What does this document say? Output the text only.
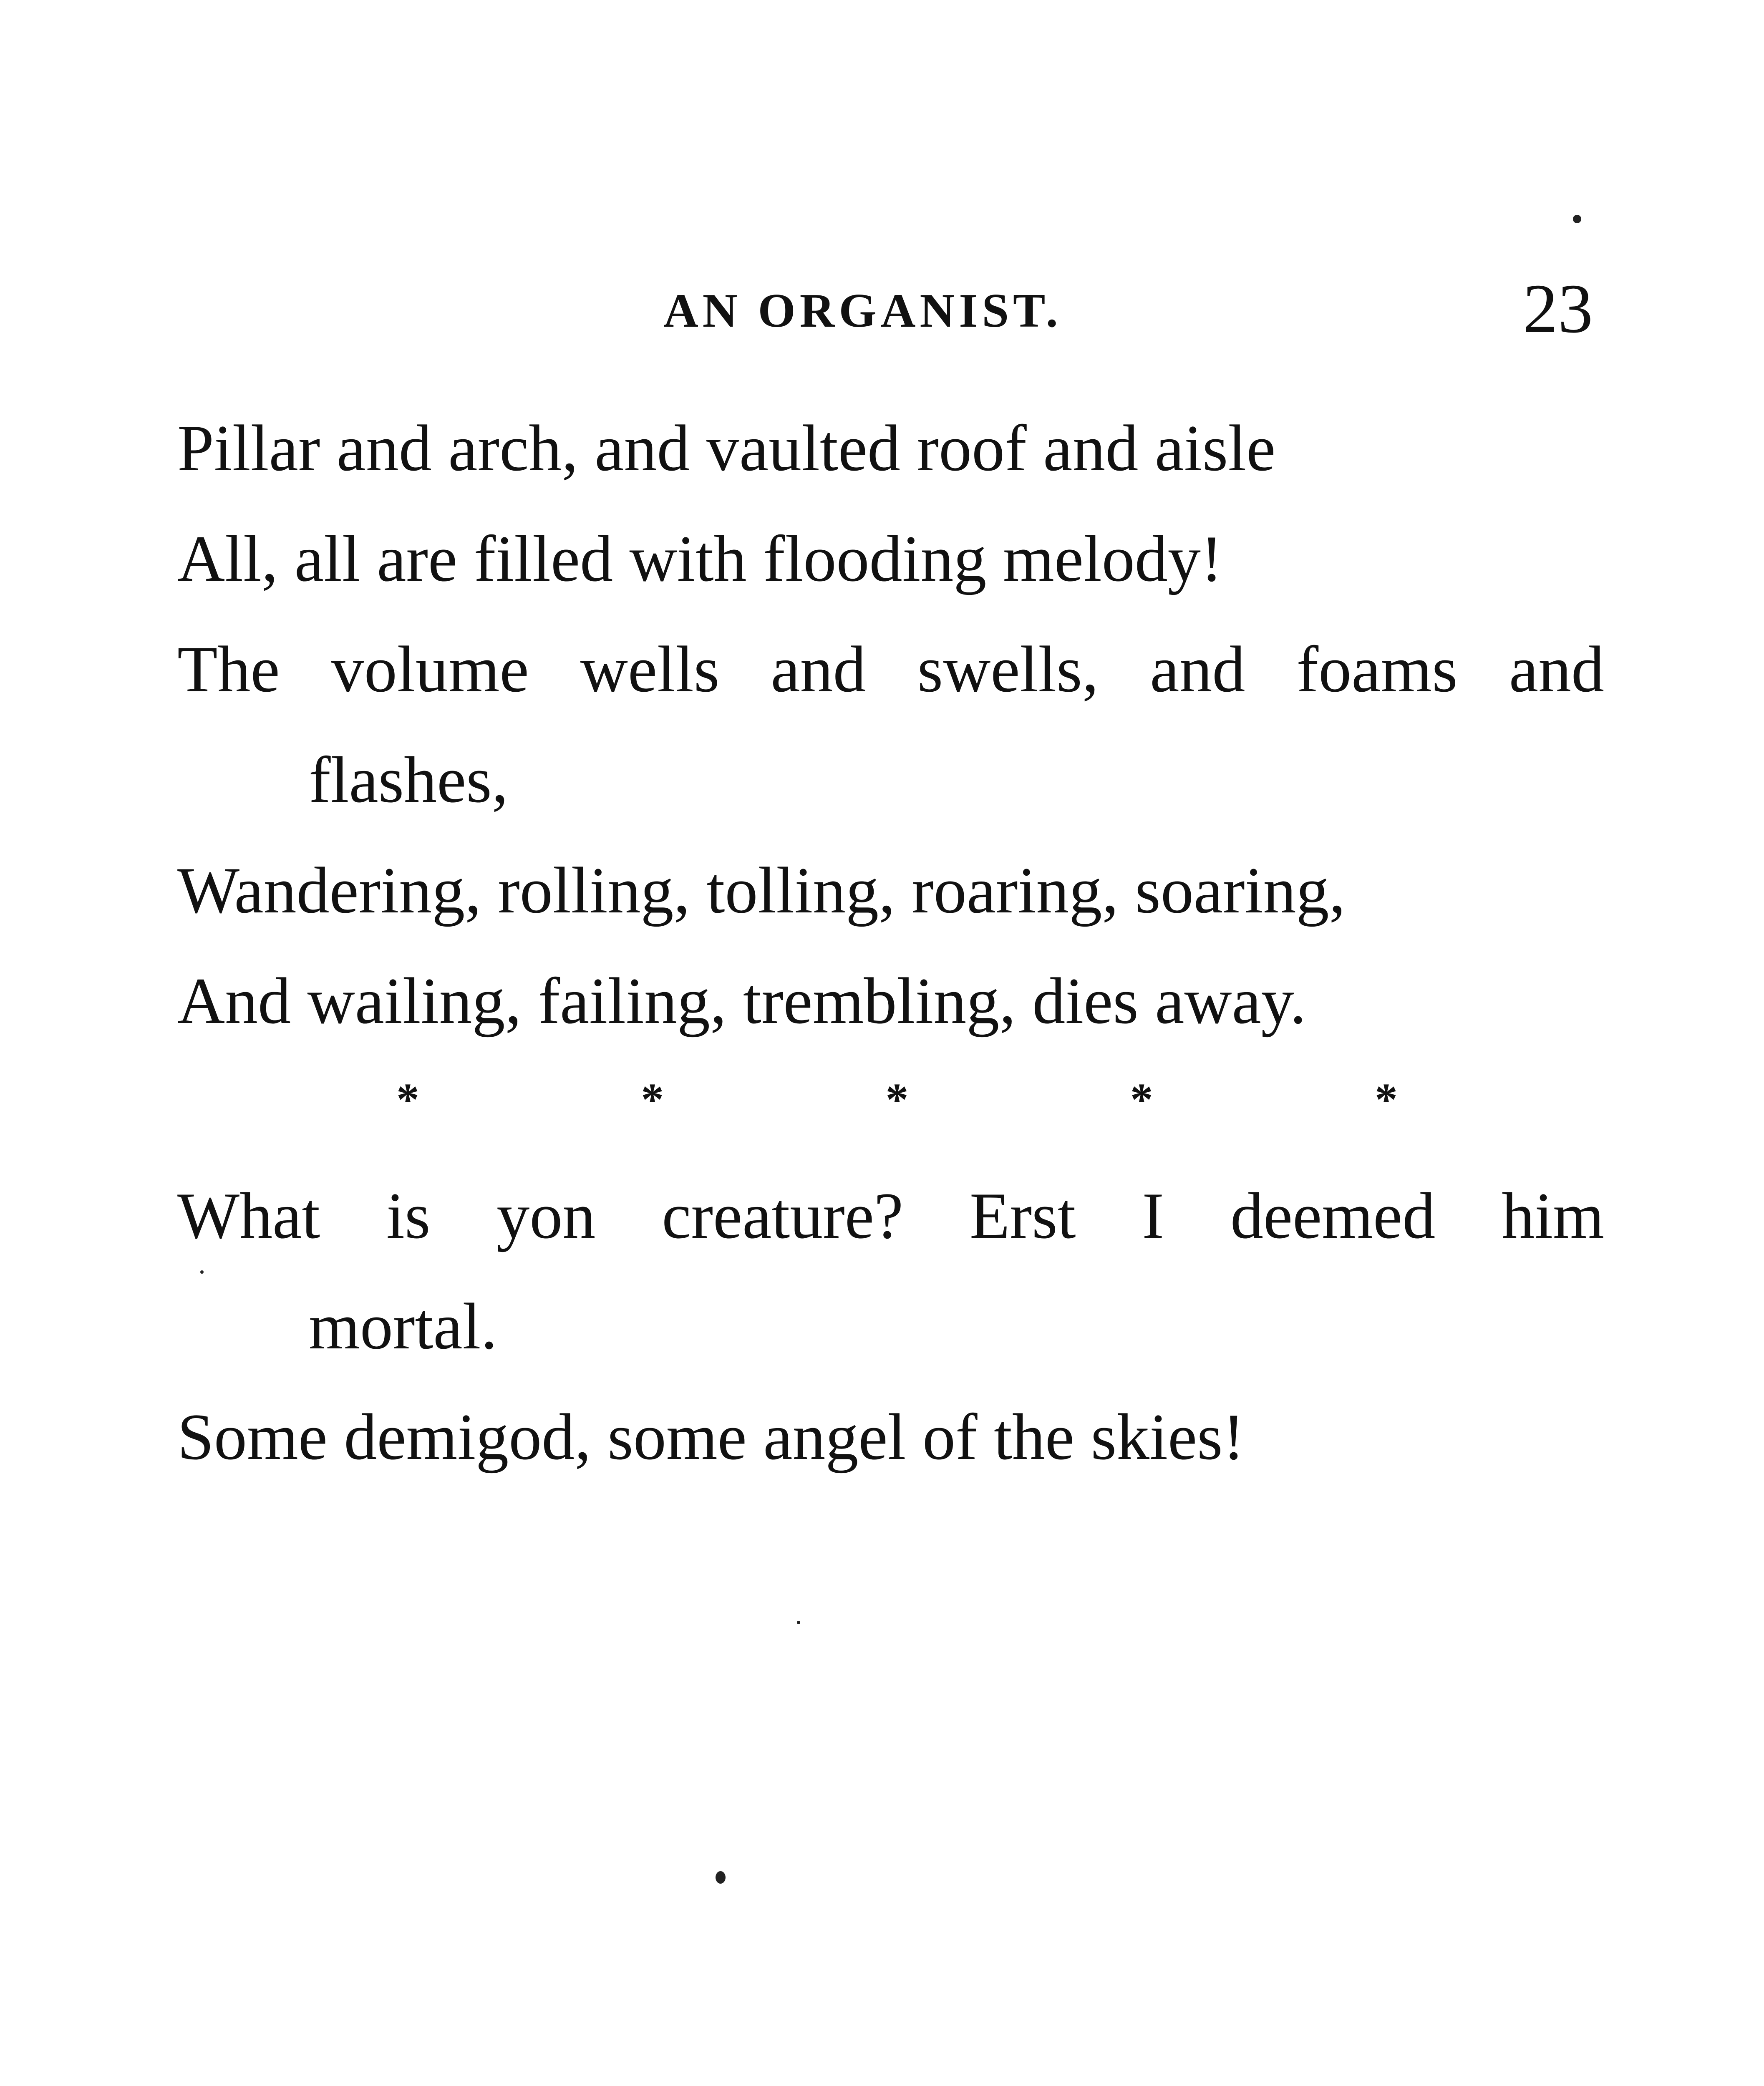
AN ORGANIST.	23
Pillar and arch, and vaulted roof and aisle
All, all are filled with flooding melody!
The volume wells and swells, and foams and
flashes,
Wandering, rolling, tolling, roaring, soaring,
And wailing, failing, trembling, dies away.
*	*	*	*	*
What is yon creature? Erst I deemed him
mortal.
Some demigod, some angel of the skies!
